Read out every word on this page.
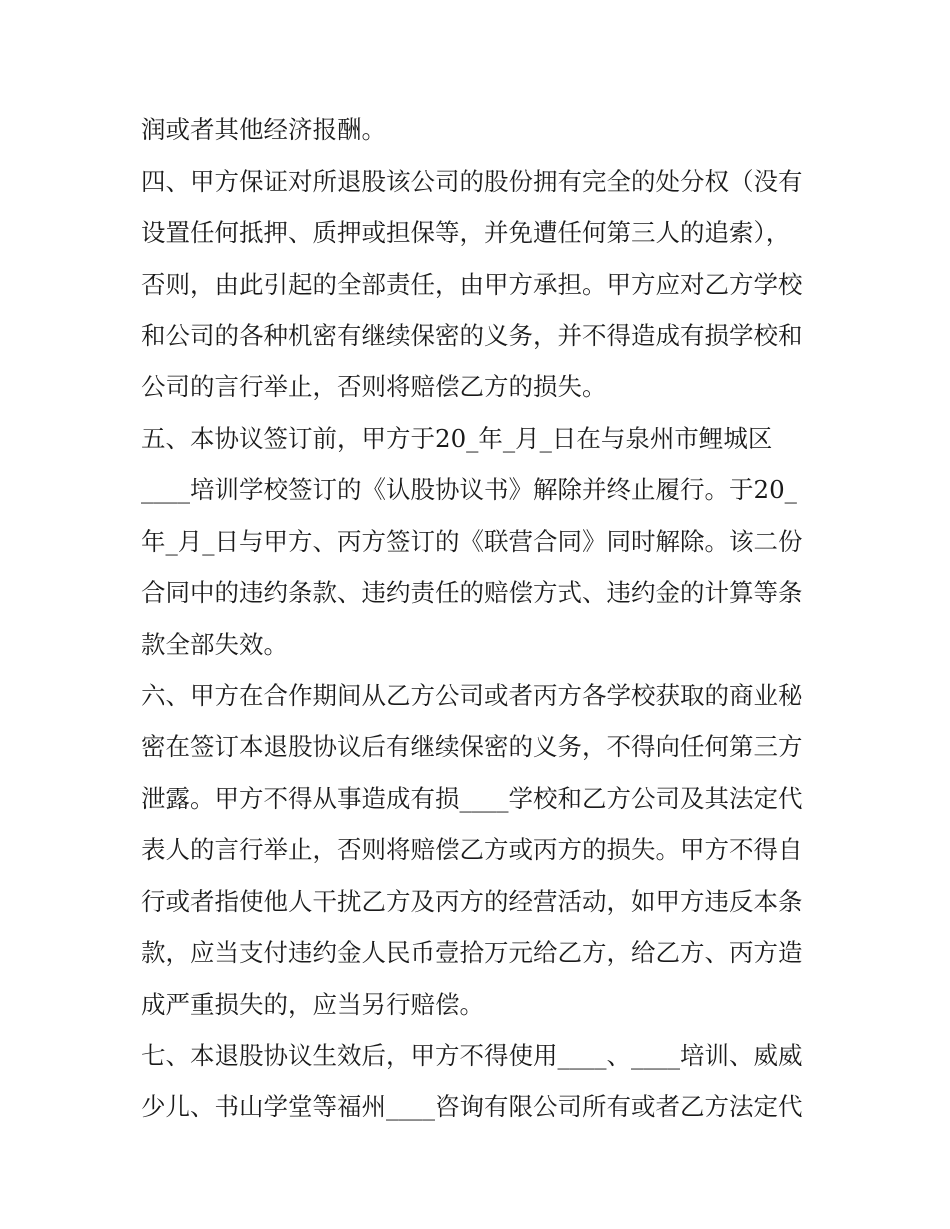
润或者其他经济报酬。
四、甲方保证对所退股该公司的股份拥有完全的处分权（没有
设置任何抵押、质押或担保等，并免遭任何第三人的追索），
否则，由此引起的全部责任，由甲方承担。甲方应对乙方学校
和公司的各种机密有继续保密的义务，并不得造成有损学校和
公司的言行举止，否则将赔偿乙方的损失。
五、本协议签订前，甲方于20_年_月_日在与泉州市鲤城区
____培训学校签订的《认股协议书》解除并终止履行。于20_
年_月_日与甲方、丙方签订的《联营合同》同时解除。该二份
合同中的违约条款、违约责任的赔偿方式、违约金的计算等条
款全部失效。
六、甲方在合作期间从乙方公司或者丙方各学校获取的商业秘
密在签订本退股协议后有继续保密的义务，不得向任何第三方
泄露。甲方不得从事造成有损____学校和乙方公司及其法定代
表人的言行举止，否则将赔偿乙方或丙方的损失。甲方不得自
行或者指使他人干扰乙方及丙方的经营活动，如甲方违反本条
款，应当支付违约金人民币壹拾万元给乙方，给乙方、丙方造
成严重损失的，应当另行赔偿。
七、本退股协议生效后，甲方不得使用____、____培训、威威
少儿、书山学堂等福州____咨询有限公司所有或者乙方法定代
